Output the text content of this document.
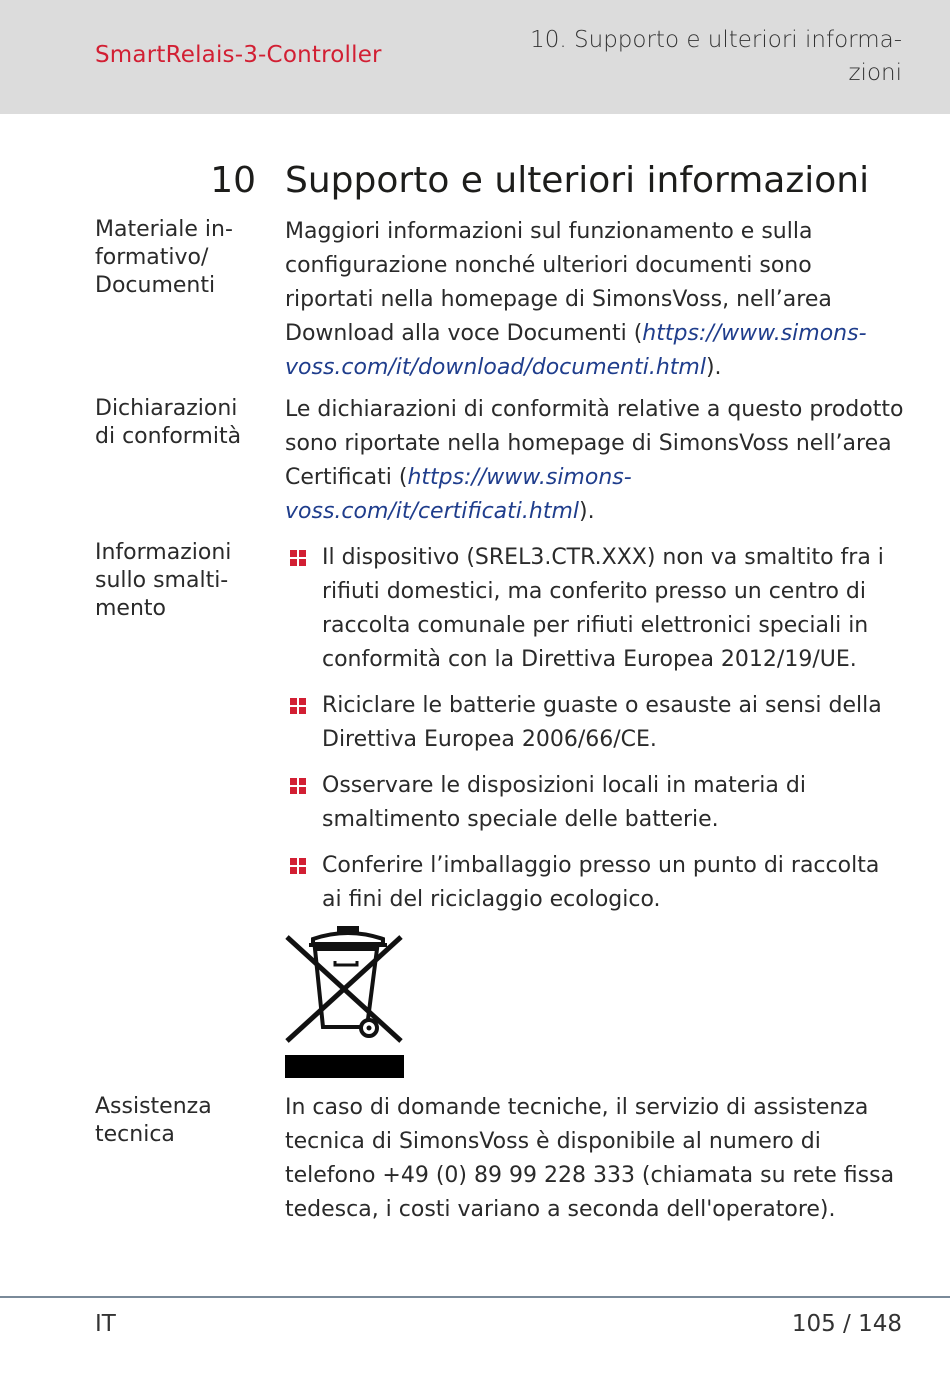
SmartRelais-3-Controller
10. Supporto e ulteriori informa-
zioni
10 Supporto e ulteriori informazioni
Materiale in-
formativo/
Documenti
Maggiori informazioni sul funzionamento e sulla configurazione nonché ulteriori documenti sono riportati nella homepage di SimonsVoss, nell’area Download alla voce Documenti (https://www.simons-voss.com/it/download/documenti.html).
Dichiarazioni
di conformità
Le dichiarazioni di conformità relative a questo prodotto sono riportate nella homepage di SimonsVoss nell’area Certificati (https://www.simons-voss.com/it/certificati.html).
Informazioni
sullo smalti-
mento
Il dispositivo (SREL3.CTR.XXX) non va smaltito fra i rifiuti domestici, ma conferito presso un centro di raccolta comunale per rifiuti elettronici speciali in conformità con la Direttiva Europea 2012/19/UE.
Riciclare le batterie guaste o esauste ai sensi della Direttiva Europea 2006/66/CE.
Osservare le disposizioni locali in materia di smaltimento speciale delle batterie.
Conferire l’imballaggio presso un punto di raccolta ai fini del riciclaggio ecologico.
Assistenza
tecnica
In caso di domande tecniche, il servizio di assistenza tecnica di SimonsVoss è disponibile al numero di telefono +49 (0) 89 99 228 333 (chiamata su rete fissa tedesca, i costi variano a seconda dell'operatore).
IT	105 / 148
